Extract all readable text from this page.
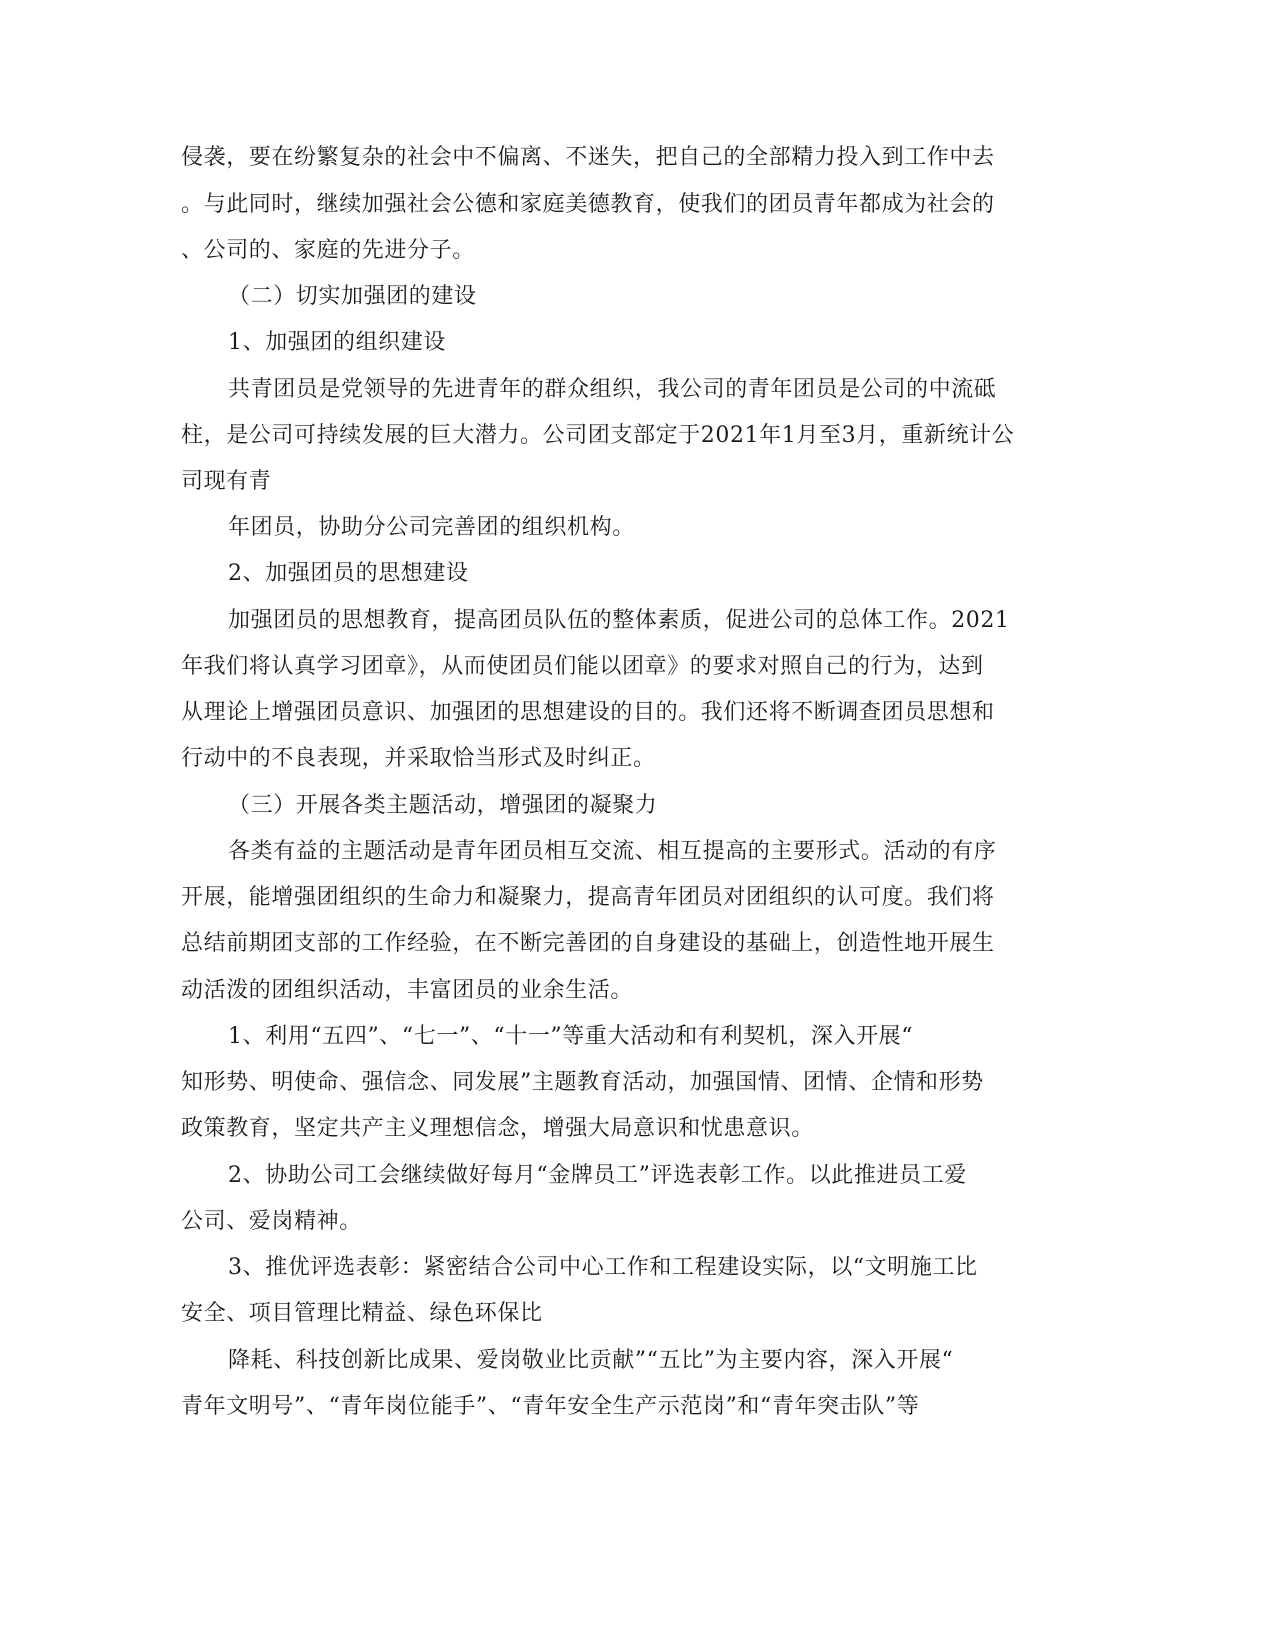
侵袭，要在纷繁复杂的社会中不偏离、不迷失，把自己的全部精力投入到工作中去
。与此同时，继续加强社会公德和家庭美德教育，使我们的团员青年都成为社会的
、公司的、家庭的先进分子。
（二）切实加强团的建设
1、加强团的组织建设
共青团员是党领导的先进青年的群众组织，我公司的青年团员是公司的中流砥
柱，是公司可持续发展的巨大潜力。公司团支部定于2021年1月至3月，重新统计公
司现有青
年团员，协助分公司完善团的组织机构。
2、加强团员的思想建设
加强团员的思想教育，提高团员队伍的整体素质，促进公司的总体工作。2021
年我们将认真学习团章》，从而使团员们能以团章》的要求对照自己的行为，达到
从理论上增强团员意识、加强团的思想建设的目的。我们还将不断调查团员思想和
行动中的不良表现，并采取恰当形式及时纠正。
（三）开展各类主题活动，增强团的凝聚力
各类有益的主题活动是青年团员相互交流、相互提高的主要形式。活动的有序
开展，能增强团组织的生命力和凝聚力，提高青年团员对团组织的认可度。我们将
总结前期团支部的工作经验，在不断完善团的自身建设的基础上，创造性地开展生
动活泼的团组织活动，丰富团员的业余生活。
1、利用“五四”、“七一”、“十一”等重大活动和有利契机，深入开展“
知形势、明使命、强信念、同发展”主题教育活动，加强国情、团情、企情和形势
政策教育，坚定共产主义理想信念，增强大局意识和忧患意识。
2、协助公司工会继续做好每月“金牌员工”评选表彰工作。以此推进员工爱
公司、爱岗精神。
3、推优评选表彰：紧密结合公司中心工作和工程建设实际，以“文明施工比
安全、项目管理比精益、绿色环保比
降耗、科技创新比成果、爱岗敬业比贡献”“五比”为主要内容，深入开展“
青年文明号”、“青年岗位能手”、“青年安全生产示范岗”和“青年突击队”等
